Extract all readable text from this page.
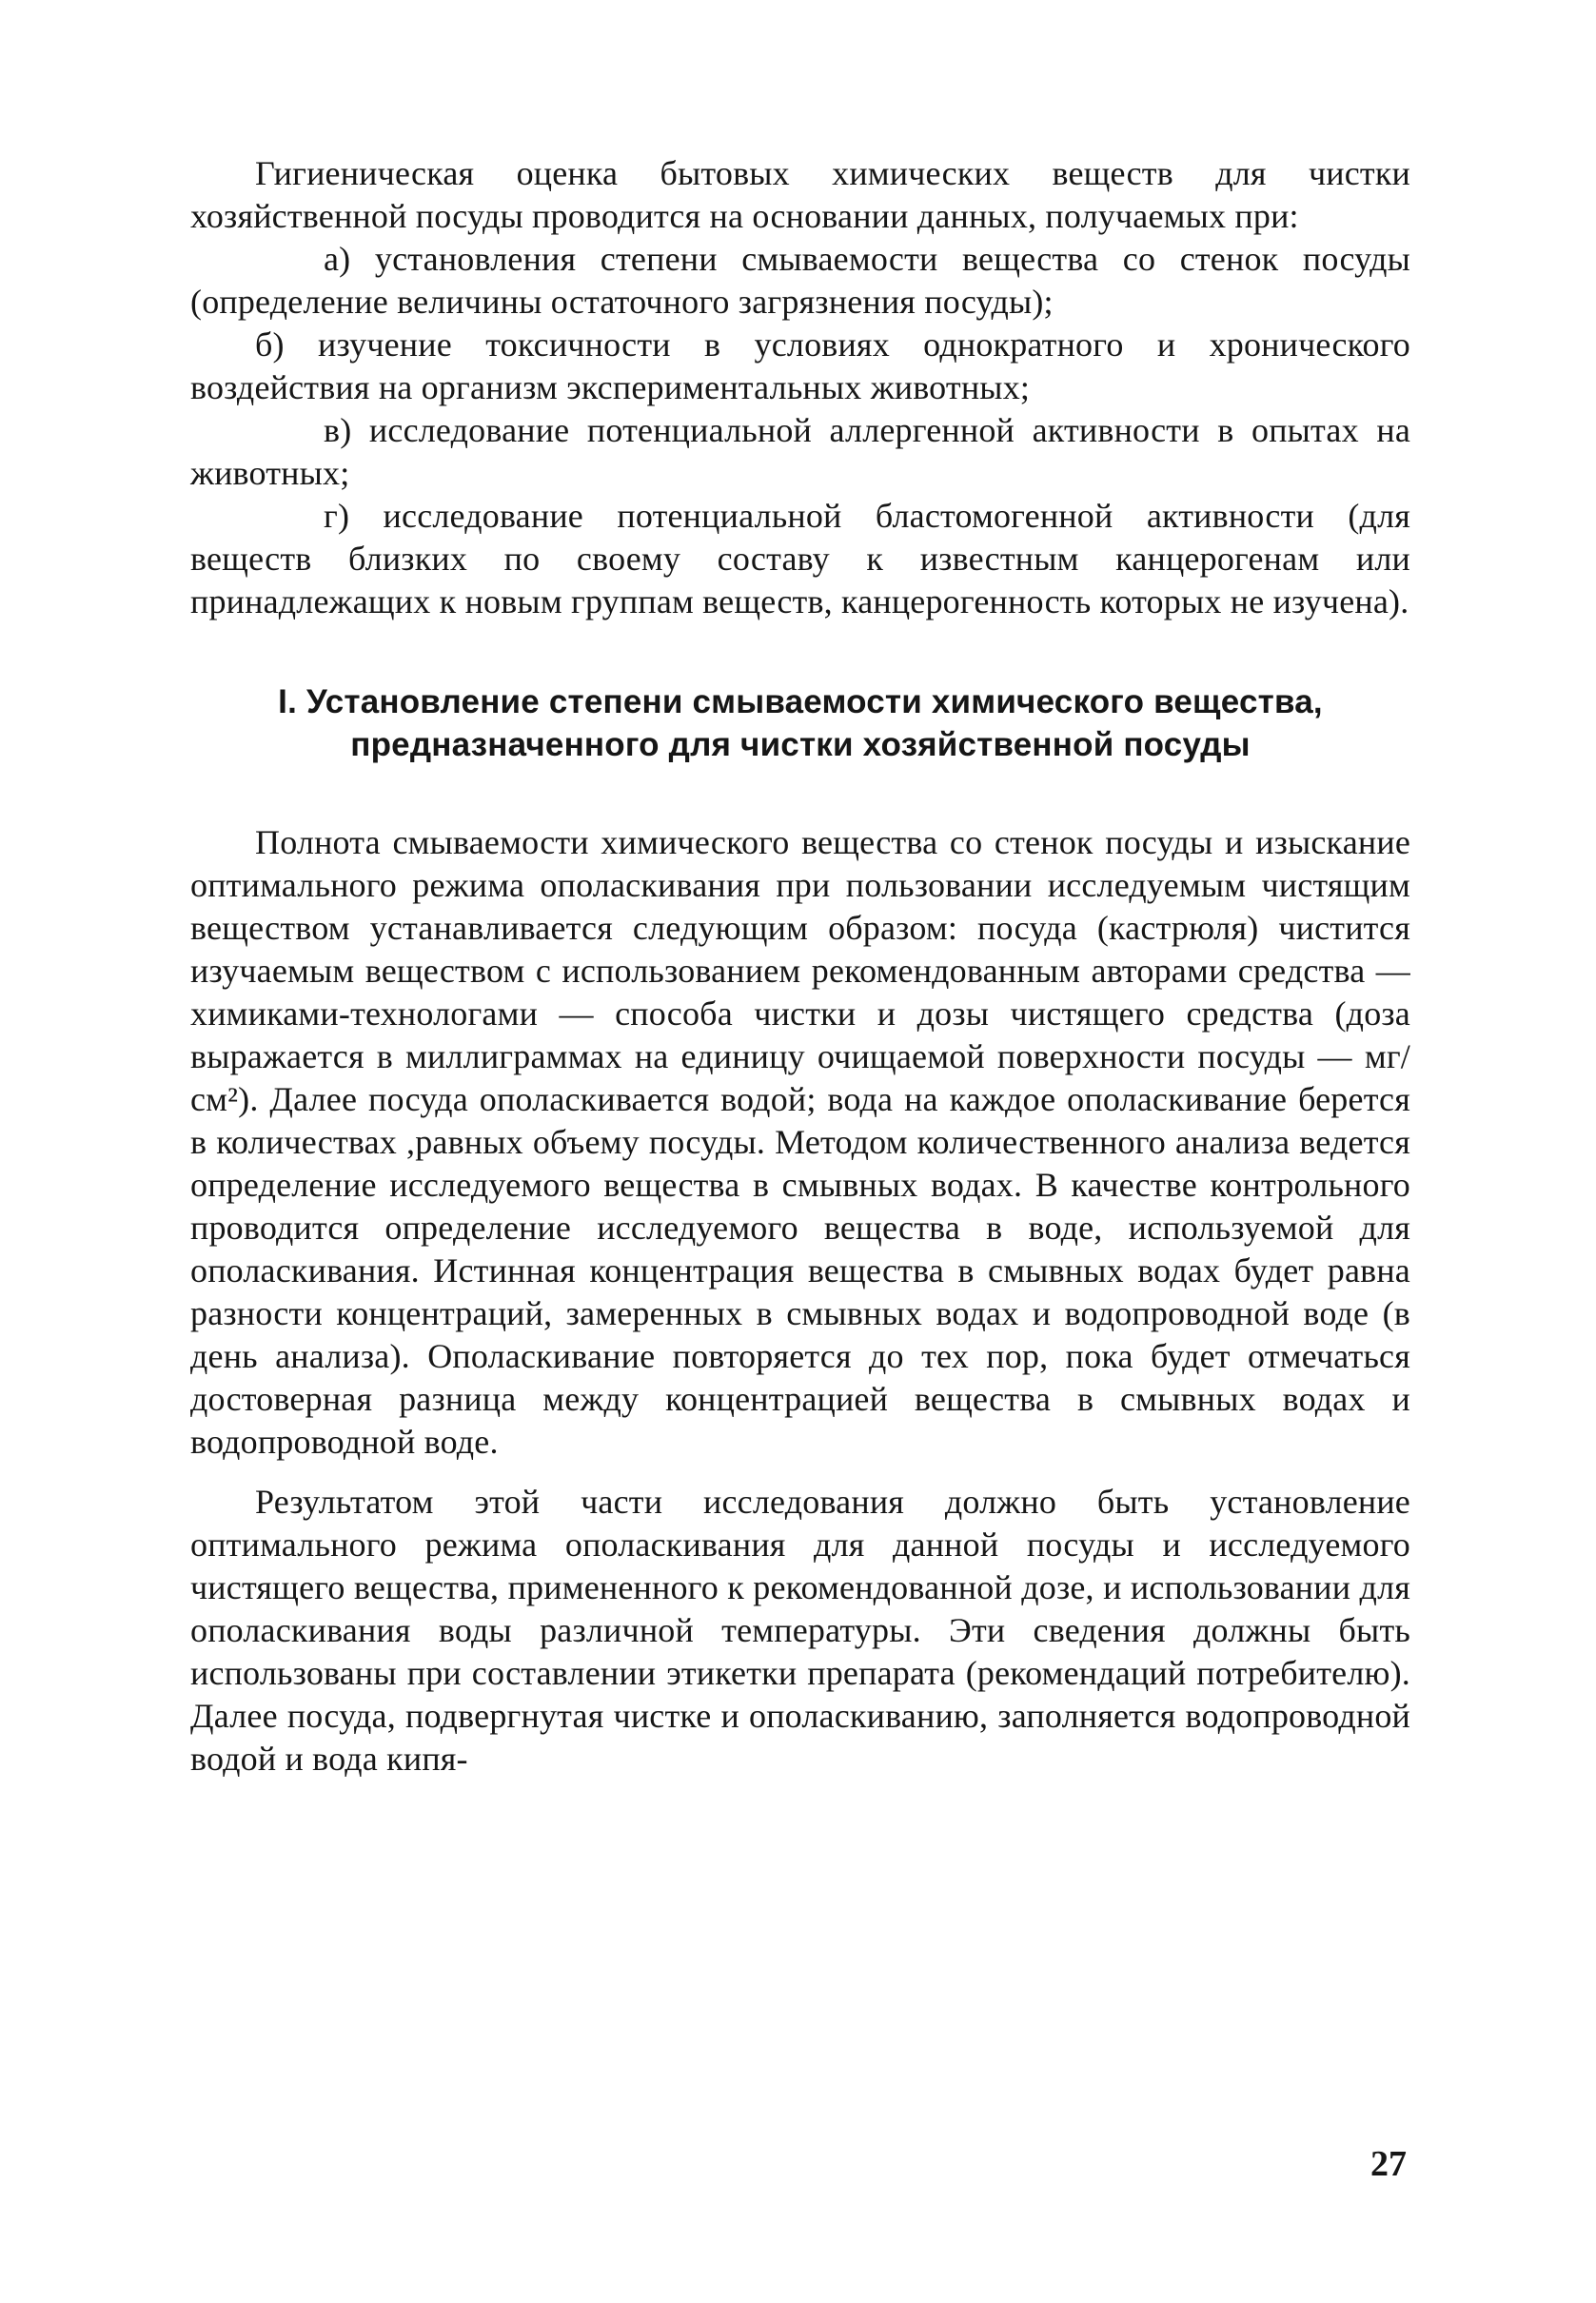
Гигиеническая оценка бытовых химических веществ для чистки хозяйственной посуды проводится на основании данных, получаемых при:

а) установления степени смываемости вещества со стенок посуды (определение величины остаточного загрязнения посуды);

б) изучение токсичности в условиях однократного и хронического воздействия на организм экспериментальных животных;

в) исследование потенциальной аллергенной активности в опытах на животных;

г) исследование потенциальной бластомогенной активности (для веществ близких по своему составу к известным канцерогенам или принадлежащих к новым группам веществ, канцерогенность которых не изучена).

I. Установление степени смываемости химического вещества, предназначенного для чистки хозяйственной посуды

Полнота смываемости химического вещества со стенок посуды и изыскание оптимального режима ополаскивания при пользовании исследуемым чистящим веществом устанавливается следующим образом: посуда (кастрюля) чистится изучаемым веществом с использованием рекомендованным авторами средства — химиками-технологами — способа чистки и дозы чистящего средства (доза выражается в миллиграммах на единицу очищаемой поверхности посуды — мг/см²). Далее посуда ополаскивается водой; вода на каждое ополаскивание берется в количествах ,равных объему посуды. Методом количественного анализа ведется определение исследуемого вещества в смывных водах. В качестве контрольного проводится определение исследуемого вещества в воде, используемой для ополаскивания. Истинная концентрация вещества в смывных водах будет равна разности концентраций, замеренных в смывных водах и водопроводной воде (в день анализа). Ополаскивание повторяется до тех пор, пока будет отмечаться достоверная разница между концентрацией вещества в смывных водах и водопроводной воде.

Результатом этой части исследования должно быть установление оптимального режима ополаскивания для данной посуды и исследуемого чистящего вещества, примененного к рекомендованной дозе, и использовании для ополаскивания воды различной температуры. Эти сведения должны быть использованы при составлении этикетки препарата (рекомендаций потребителю). Далее посуда, подвергнутая чистке и ополаскиванию, заполняется водопроводной водой и вода кипя-

27
